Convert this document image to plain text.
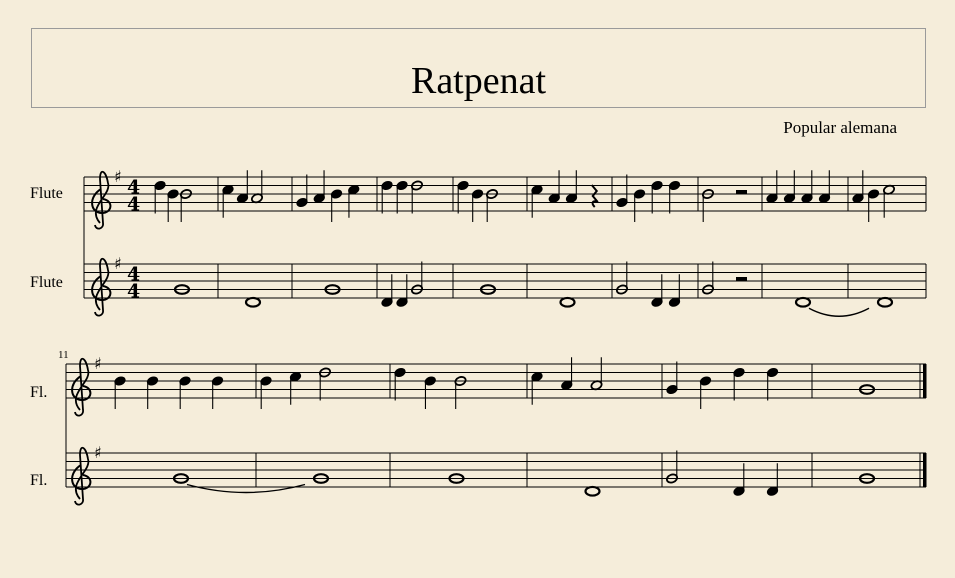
Ratpenat
Popular alemana
Flute
♯ 4
4
Flute
♯ 4
4
11
Fl.
♯
Fl.
♯
